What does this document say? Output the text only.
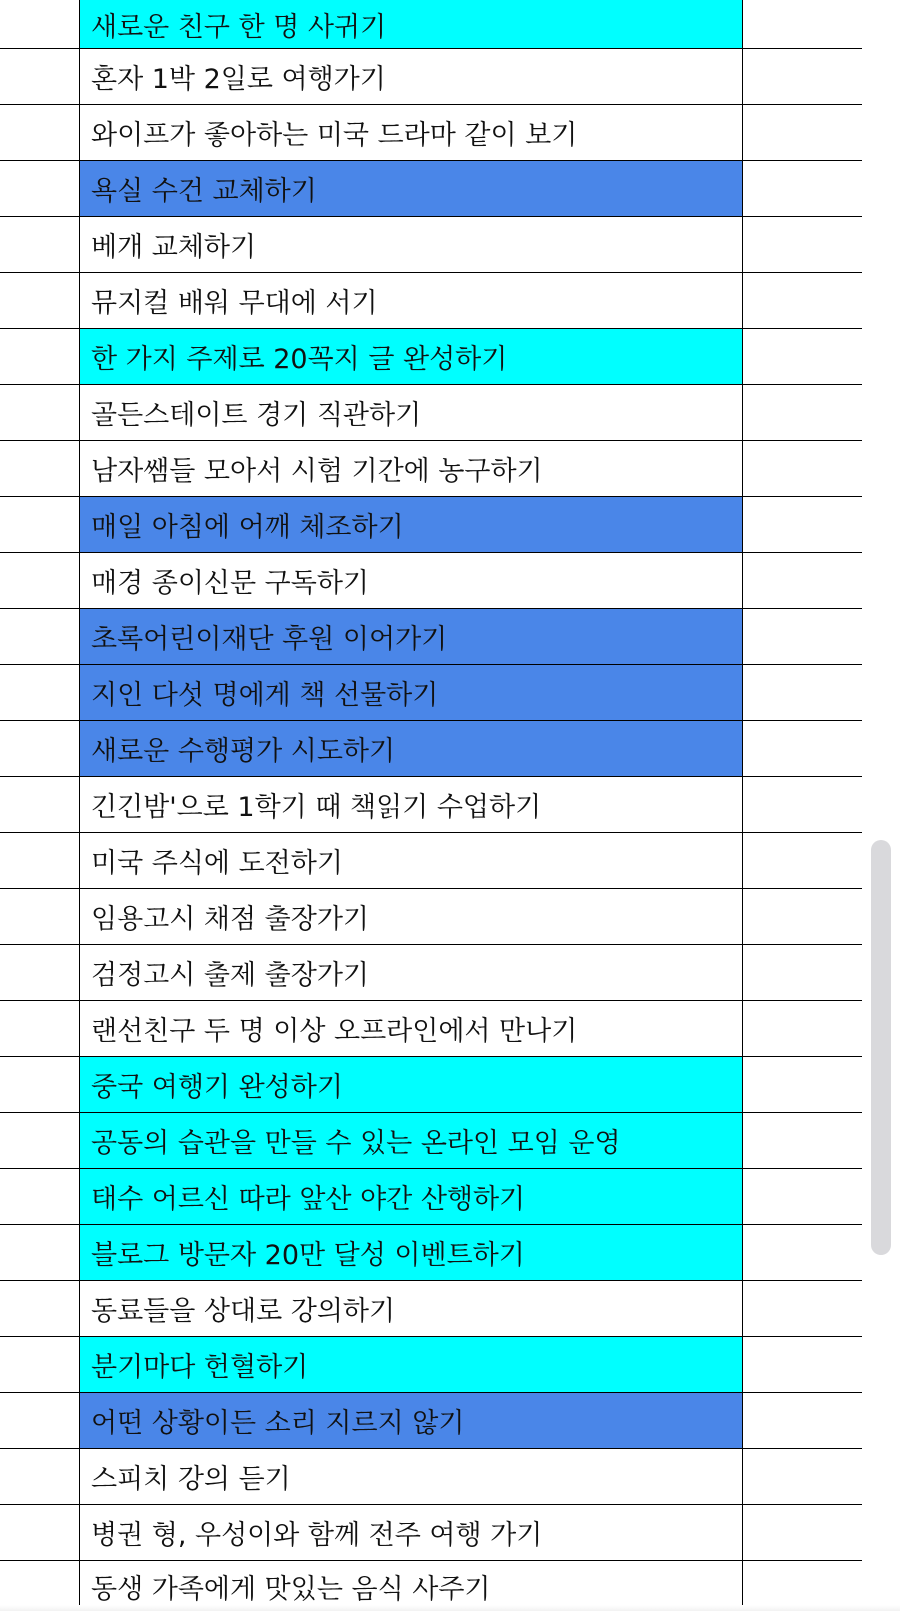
새로운 친구 한 명 사귀기
혼자 1박 2일로 여행가기
와이프가 좋아하는 미국 드라마 같이 보기
욕실 수건 교체하기
베개 교체하기
뮤지컬 배워 무대에 서기
한 가지 주제로 20꼭지 글 완성하기
골든스테이트 경기 직관하기
남자쌤들 모아서 시험 기간에 농구하기
매일 아침에 어깨 체조하기
매경 종이신문 구독하기
초록어린이재단 후원 이어가기
지인 다섯 명에게 책 선물하기
새로운 수행평가 시도하기
긴긴밤'으로 1학기 때 책읽기 수업하기
미국 주식에 도전하기
임용고시 채점 출장가기
검정고시 출제 출장가기
랜선친구 두 명 이상 오프라인에서 만나기
중국 여행기 완성하기
공동의 습관을 만들 수 있는 온라인 모임 운영
태수 어르신 따라 앞산 야간 산행하기
블로그 방문자 20만 달성 이벤트하기
동료들을 상대로 강의하기
분기마다 헌혈하기
어떤 상황이든 소리 지르지 않기
스피치 강의 듣기
병권 형, 우성이와 함께 전주 여행 가기
동생 가족에게 맛있는 음식 사주기
